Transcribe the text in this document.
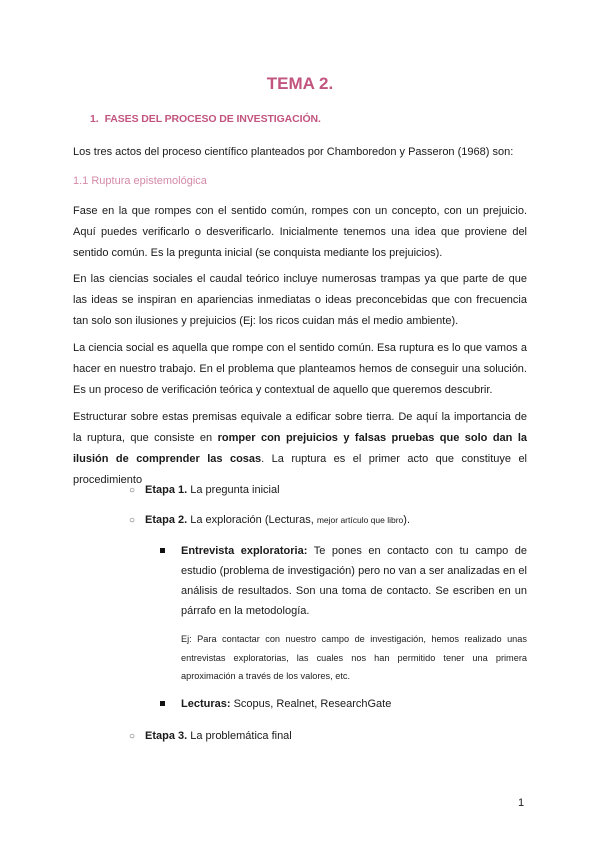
TEMA 2.
1. FASES DEL PROCESO DE INVESTIGACIÓN.
Los tres actos del proceso científico planteados por Chamboredon y Passeron (1968) son:
1.1 Ruptura epistemológica
Fase en la que rompes con el sentido común, rompes con un concepto, con un prejuicio. Aquí puedes verificarlo o desverificarlo. Inicialmente tenemos una idea que proviene del sentido común. Es la pregunta inicial (se conquista mediante los prejuicios).
En las ciencias sociales el caudal teórico incluye numerosas trampas ya que parte de que las ideas se inspiran en apariencias inmediatas o ideas preconcebidas que con frecuencia tan solo son ilusiones y prejuicios (Ej: los ricos cuidan más el medio ambiente).
La ciencia social es aquella que rompe con el sentido común. Esa ruptura es lo que vamos a hacer en nuestro trabajo. En el problema que planteamos hemos de conseguir una solución. Es un proceso de verificación teórica y contextual de aquello que queremos descubrir.
Estructurar sobre estas premisas equivale a edificar sobre tierra. De aquí la importancia de la ruptura, que consiste en romper con prejuicios y falsas pruebas que solo dan la ilusión de comprender las cosas. La ruptura es el primer acto que constituye el procedimiento
○ Etapa 1. La pregunta inicial
○ Etapa 2. La exploración (Lecturas, mejor artículo que libro).
Entrevista exploratoria: Te pones en contacto con tu campo de estudio (problema de investigación) pero no van a ser analizadas en el análisis de resultados. Son una toma de contacto. Se escriben en un párrafo en la metodología.
Ej: Para contactar con nuestro campo de investigación, hemos realizado unas entrevistas exploratorias, las cuales nos han permitido tener una primera aproximación a través de los valores, etc.
Lecturas: Scopus, Realnet, ResearchGate
○ Etapa 3. La problemática final
1
